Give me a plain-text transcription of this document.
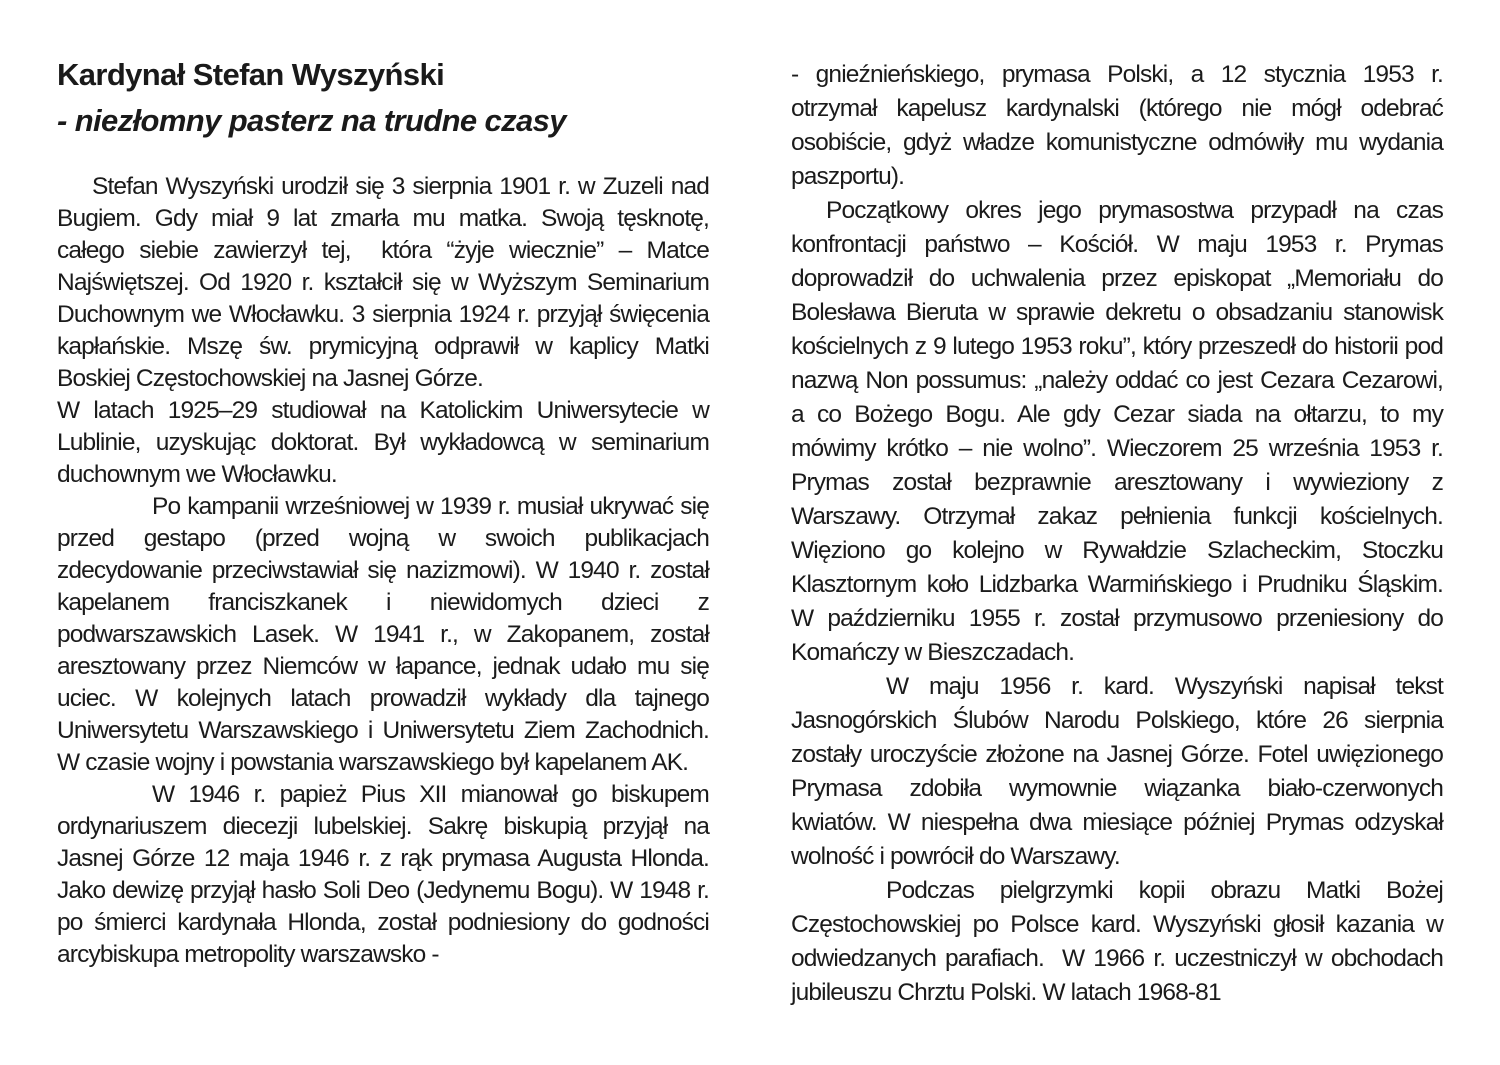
Kardynał Stefan Wyszyński
- niezłomny pasterz na trudne czasy

Stefan Wyszyński urodził się 3 sierpnia 1901 r. w Zuzeli nad Bugiem. Gdy miał 9 lat zmarła mu matka. Swoją tęsknotę, całego siebie zawierzył tej,  która “żyje wiecznie” – Matce Najświętszej. Od 1920 r. kształcił się w Wyższym Seminarium Duchownym we Włocławku. 3 sierpnia 1924 r. przyjął święcenia kapłańskie. Mszę św. prymicyjną odprawił w kaplicy Matki Boskiej Częstochowskiej na Jasnej Górze.

W latach 1925–29 studiował na Katolickim Uniwersytecie w Lublinie, uzyskując doktorat. Był wykładowcą w seminarium duchownym we Włocławku.

Po kampanii wrześniowej w 1939 r. musiał ukrywać się przed gestapo (przed wojną w swoich publikacjach zdecydowanie przeciwstawiał się nazizmowi). W 1940 r. został kapelanem franciszkanek i niewidomych dzieci z podwarszawskich Lasek. W 1941 r., w Zakopanem, został aresztowany przez Niemców w łapance, jednak udało mu się uciec. W kolejnych latach prowadził wykłady dla tajnego Uniwersytetu Warszawskiego i Uniwersytetu Ziem Zachodnich. W czasie wojny i powstania warszawskiego był kapelanem AK.

W 1946 r. papież Pius XII mianował go biskupem ordynariuszem diecezji lubelskiej. Sakrę biskupią przyjął na Jasnej Górze 12 maja 1946 r. z rąk prymasa Augusta Hlonda. Jako dewizę przyjął hasło Soli Deo (Jedynemu Bogu). W 1948 r.  po śmierci kardynała Hlonda, został podniesiony do godności arcybiskupa metropolity warszawsko -

- gnieźnieńskiego, prymasa Polski, a 12 stycznia 1953 r. otrzymał kapelusz kardynalski (którego nie mógł odebrać osobiście, gdyż władze komunistyczne odmówiły mu wydania paszportu).

Początkowy okres jego prymasostwa przypadł na czas konfrontacji państwo – Kościół. W maju 1953 r. Prymas doprowadził do uchwalenia przez episkopat „Memoriału do Bolesława Bieruta w sprawie dekretu o obsadzaniu stanowisk kościelnych z 9 lutego 1953 roku”, który przeszedł do historii pod nazwą Non possumus: „należy oddać co jest Cezara Cezarowi, a co Bożego Bogu. Ale gdy Cezar siada na ołtarzu, to my mówimy krótko – nie wolno”. Wieczorem 25 września 1953 r. Prymas został bezprawnie aresztowany i wywieziony z Warszawy. Otrzymał zakaz pełnienia funkcji kościelnych. Więziono go kolejno w Rywałdzie Szlacheckim, Stoczku Klasztornym koło Lidzbarka Warmińskiego i Prudniku Śląskim.  W październiku 1955 r. został przymusowo przeniesiony do Komańczy w Bieszczadach.

W maju 1956 r. kard. Wyszyński napisał tekst Jasnogórskich Ślubów Narodu Polskiego, które 26 sierpnia zostały uroczyście złożone na Jasnej Górze. Fotel uwięzionego Prymasa zdobiła wymownie wiązanka biało-czerwonych kwiatów. W niespełna dwa miesiące później Prymas odzyskał wolność i powrócił do Warszawy.

Podczas pielgrzymki kopii obrazu Matki Bożej Częstochowskiej po Polsce kard. Wyszyński głosił kazania w odwiedzanych parafiach.  W 1966 r. uczestniczył w obchodach jubileuszu Chrztu Polski. W latach 1968-81
